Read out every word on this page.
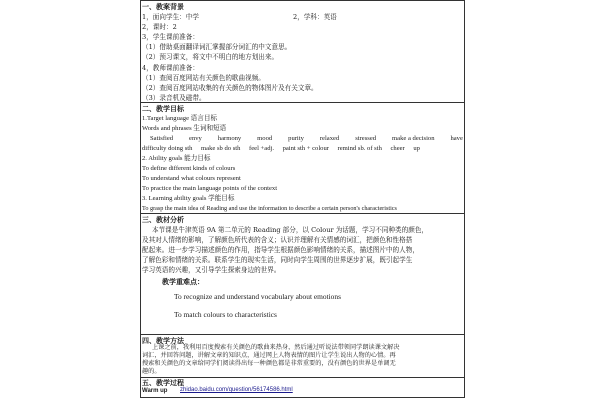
一、教案背景
1，面向学生：中学	2，学科：英语
2，课时：2
3，学生课前准备：
（1）借助桌面翻译词汇掌握部分词汇的中文意思。
（2）预习课文，将文中不明白的地方划出来。
4，教师课前准备：
（1）查阅百度网站有关颜色的歌曲视频。
（2）查阅百度网站收集的有关颜色的物体图片及有关文章。
（3）录音机及磁带。
二、教学目标
1.Target language 语言目标
Words and phrases 生词和短语
Satisfied envy harmony mood purity relaxed stressed make a decision have
difficulty doing sth make sb do sth feel +adj. paint sth + colour remind sb. of sth cheer up
2. Ability goals 能力目标
To define different kinds of colours
To understand what colours represent
To practice the main language points of the context
3. Learning ability goals 学能目标
To grasp the main idea of Reading and use the information to describe a certain person's characteristics
三、教材分析
本节课是牛津英语 9A 第二单元的 Reading 部分，以 Colour 为话题，学习不同种类的颜色，
及其对人情绪的影响，了解颜色所代表的含义；认识并理解有关情感的词汇，把颜色和性格搭
配起来。进一步学习描述颜色的作用，指导学生根据颜色影响情绪的关系，描述图片中的人物，
了解色彩和情绪的关系。联系学生的现实生活，同时向学生周围的世界逐步扩展，既引起学生
学习英语的兴趣，又引导学生探索身边的世界。
教学重难点：
To recognize and understand vocabulary about emotions
To match colours to characteristics
四、教学方法
上课之前，我利用百度搜索有关颜色的歌曲来热身，然后通过听说法带领同学朗读课文解决
词汇，并回答问题，讲解文章的知识点，通过网上人物表情的图片让学生说出人物的心情。再
搜索和关颜色的文章给同学们阅读得出每一种颜色都是非常重要的，没有颜色的世界是单调无
趣的。
五、教学过程
Warm up zhidao.baidu.com/question/56174586.html
